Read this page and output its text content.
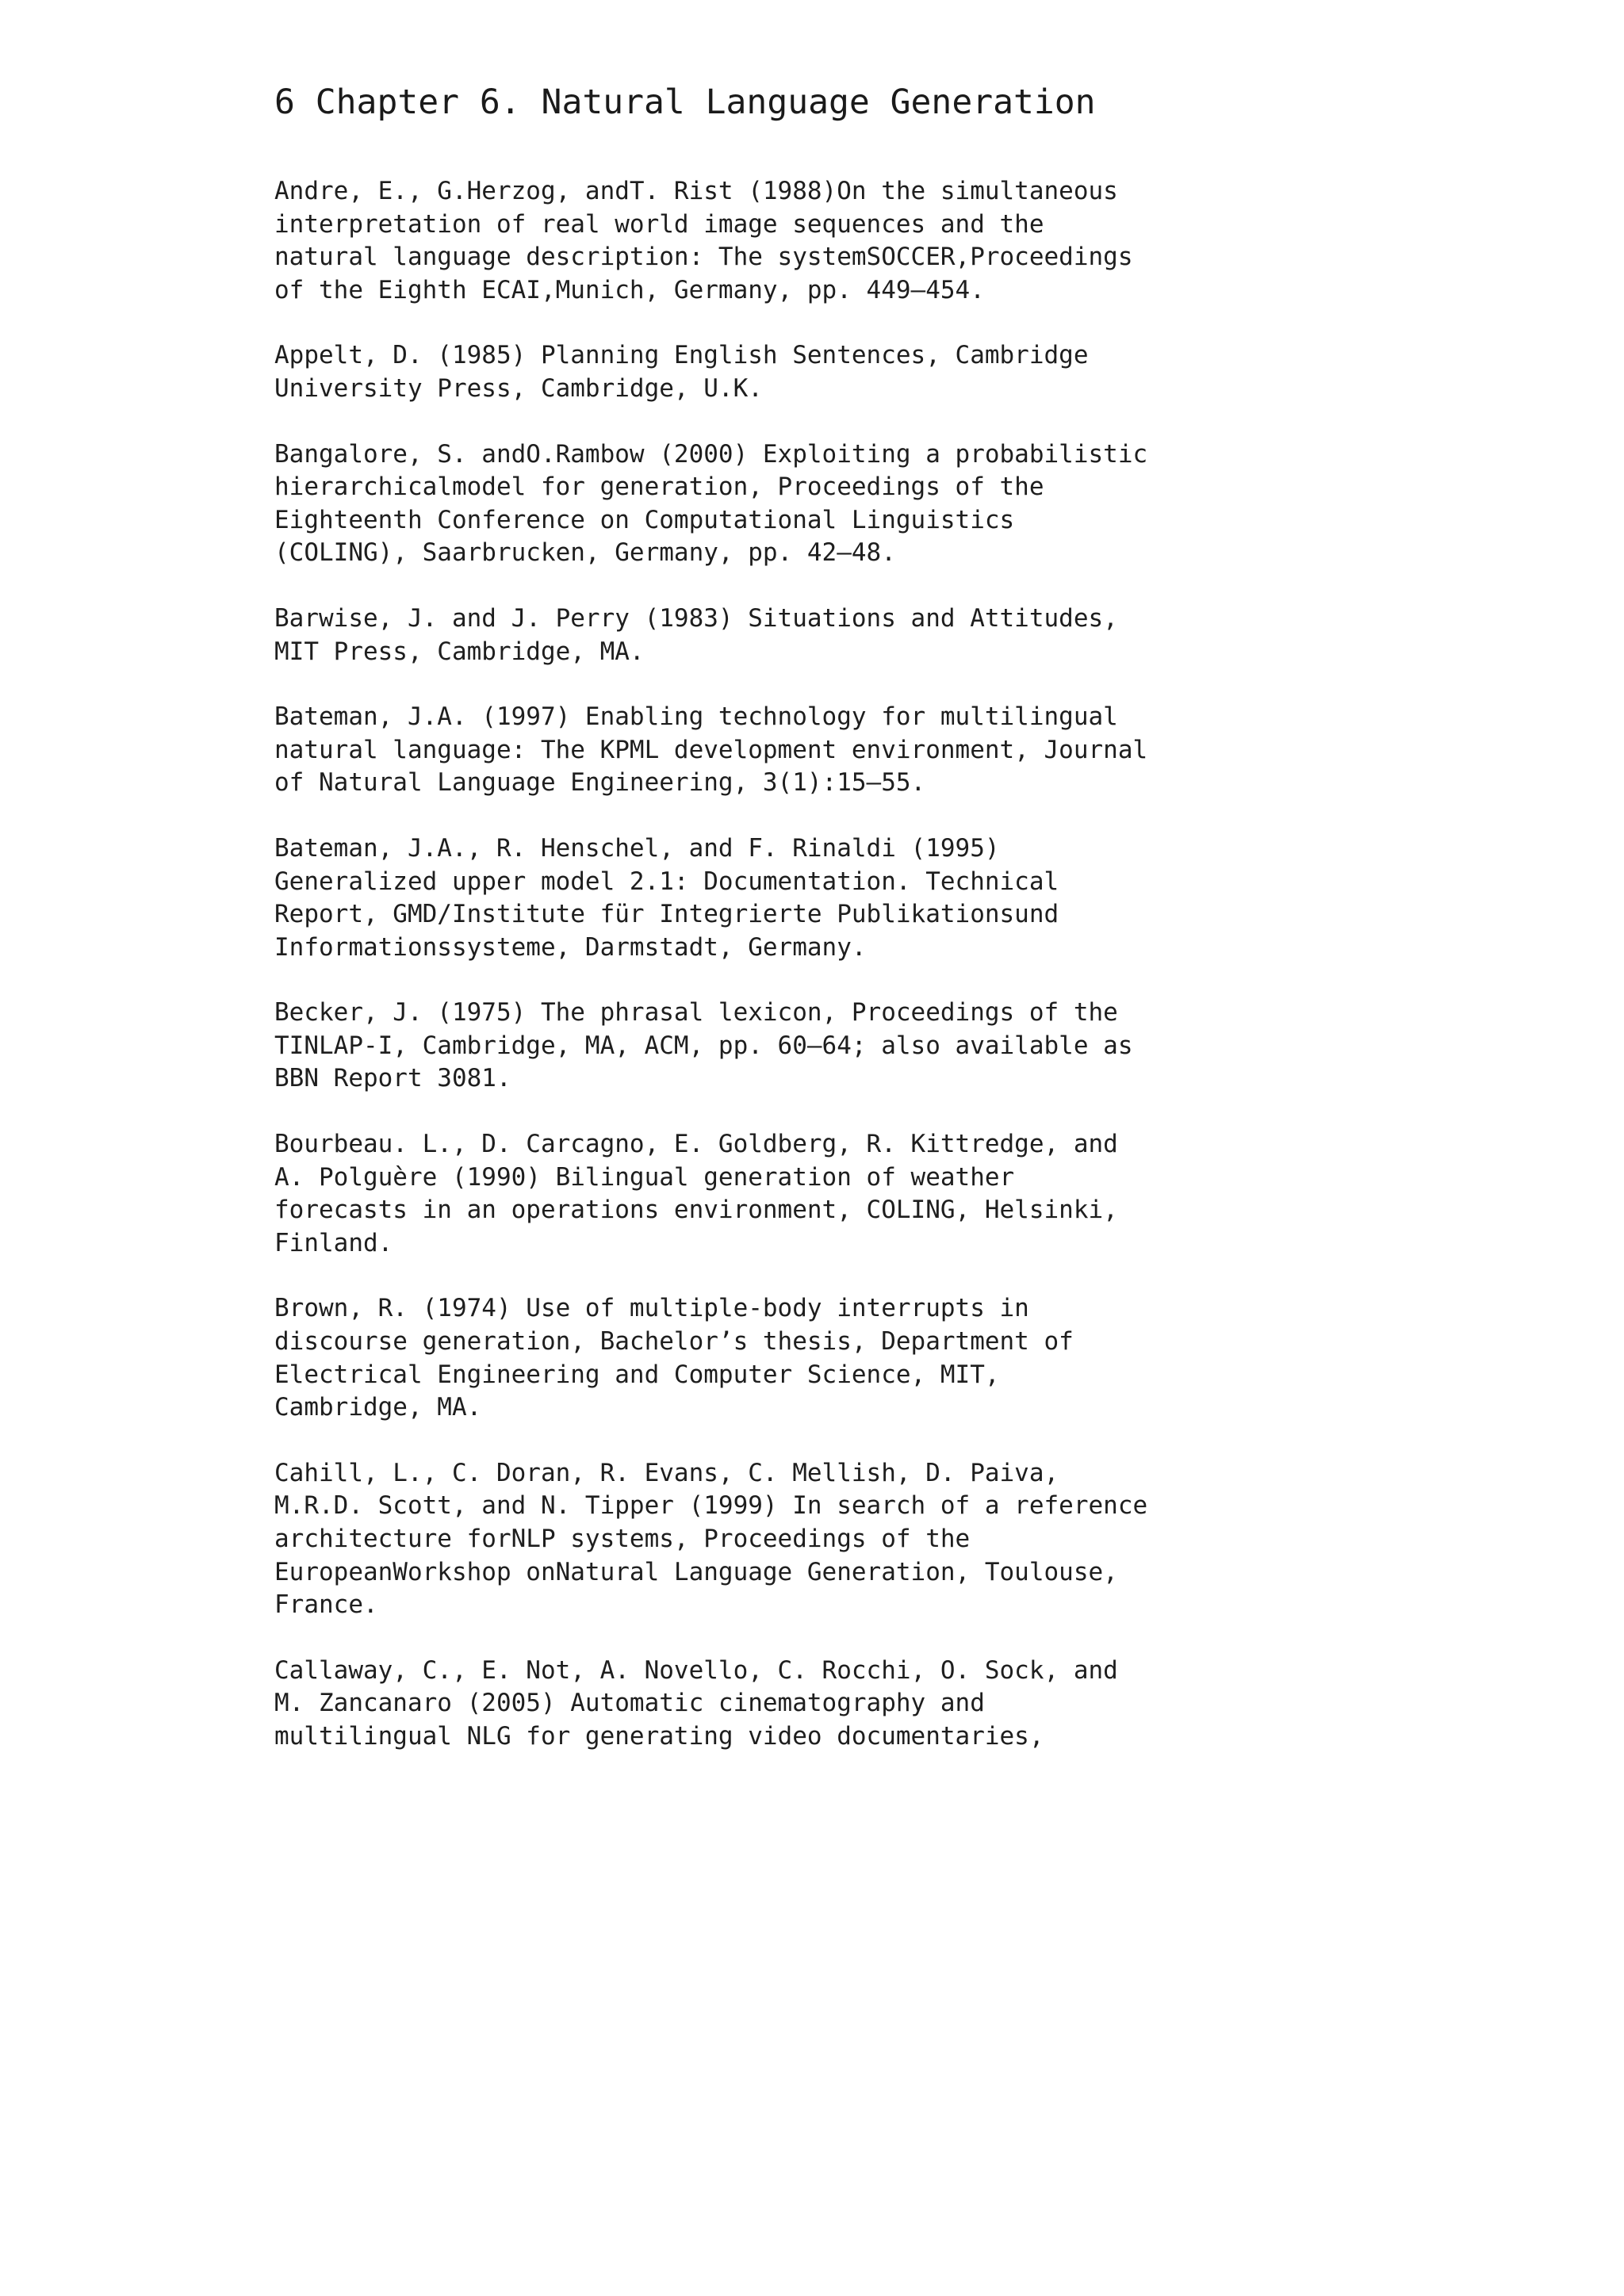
6 Chapter 6. Natural Language Generation
Andre, E., G.Herzog, andT. Rist (1988)On the simultaneous
interpretation of real world image sequences and the
natural language description: The systemSOCCER,Proceedings
of the Eighth ECAI,Munich, Germany, pp. 449–454.
Appelt, D. (1985) Planning English Sentences, Cambridge
University Press, Cambridge, U.K.
Bangalore, S. andO.Rambow (2000) Exploiting a probabilistic
hierarchicalmodel for generation, Proceedings of the
Eighteenth Conference on Computational Linguistics
(COLING), Saarbrucken, Germany, pp. 42–48.
Barwise, J. and J. Perry (1983) Situations and Attitudes,
MIT Press, Cambridge, MA.
Bateman, J.A. (1997) Enabling technology for multilingual
natural language: The KPML development environment, Journal
of Natural Language Engineering, 3(1):15–55.
Bateman, J.A., R. Henschel, and F. Rinaldi (1995)
Generalized upper model 2.1: Documentation. Technical
Report, GMD/Institute für Integrierte Publikationsund
Informationssysteme, Darmstadt, Germany.
Becker, J. (1975) The phrasal lexicon, Proceedings of the
TINLAP-I, Cambridge, MA, ACM, pp. 60–64; also available as
BBN Report 3081.
Bourbeau. L., D. Carcagno, E. Goldberg, R. Kittredge, and
A. Polguère (1990) Bilingual generation of weather
forecasts in an operations environment, COLING, Helsinki,
Finland.
Brown, R. (1974) Use of multiple-body interrupts in
discourse generation, Bachelor’s thesis, Department of
Electrical Engineering and Computer Science, MIT,
Cambridge, MA.
Cahill, L., C. Doran, R. Evans, C. Mellish, D. Paiva,
M.R.D. Scott, and N. Tipper (1999) In search of a reference
architecture forNLP systems, Proceedings of the
EuropeanWorkshop onNatural Language Generation, Toulouse,
France.
Callaway, C., E. Not, A. Novello, C. Rocchi, O. Sock, and
M. Zancanaro (2005) Automatic cinematography and
multilingual NLG for generating video documentaries,
